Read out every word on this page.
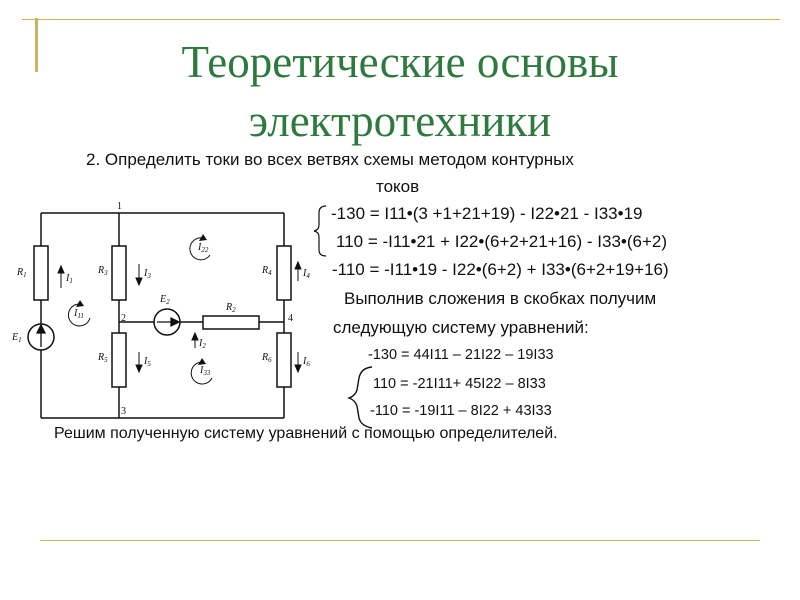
Теоретические основы
электротехники
2. Определить токи во всех ветвях схемы методом контурных
токов
-130 = I11•(3 +1+21+19) - I22•21 - I33•19
110 = -I11•21 + I22•(6+2+21+16) - I33•(6+2)
-110 = -I11•19 - I22•(6+2) + I33•(6+2+19+16)
Выполнив сложения в скобках получим
следующую систему уравнений:
-130 = 44I11 – 21I22 – 19I33
110 = -21I11+ 45I22 – 8I33
-110 = -19I11 – 8I22 + 43I33
Решим полученную систему уравнений с помощью определителей.
1
2
3
4
$R_1$	$R_3$	$R_4$
$R_5$	$R_6$
$R_2$
$E_1$
$E_2$
$I_1$
$I_3$	$I_4$
$I_5$	$I_6$
$I_2$
$I_{11}$
$I_{22}$
$I_{33}$
